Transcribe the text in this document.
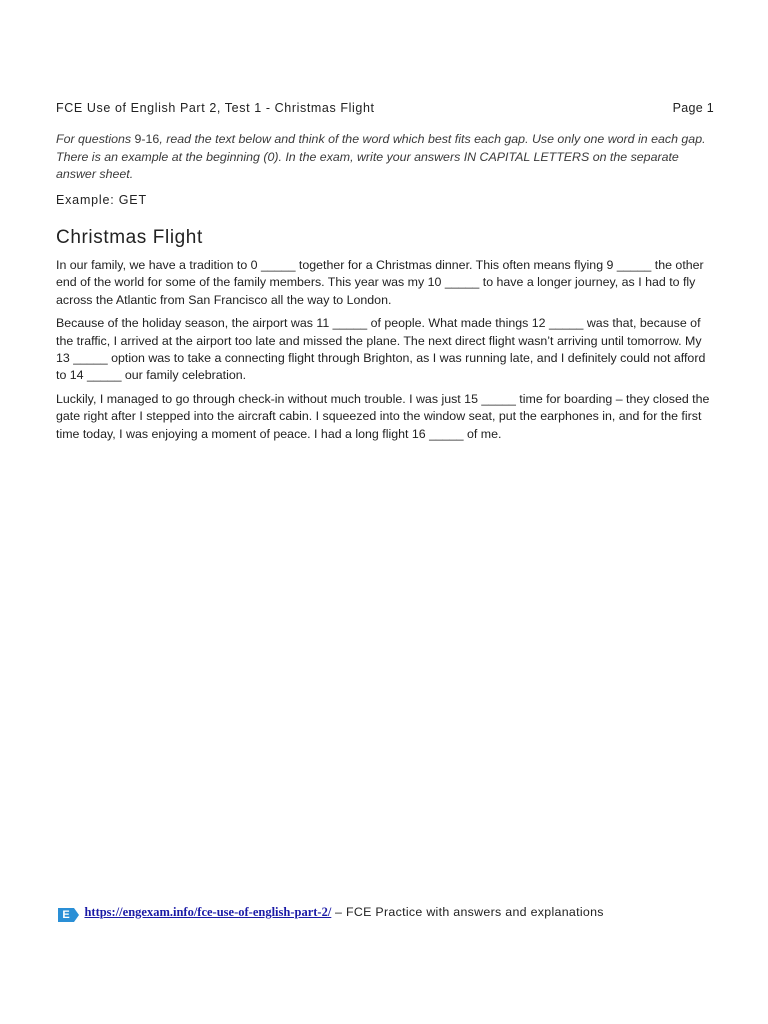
FCE Use of English Part 2, Test 1 - Christmas Flight	Page 1
For questions 9-16, read the text below and think of the word which best fits each gap. Use only one word in each gap. There is an example at the beginning (0). In the exam, write your answers IN CAPITAL LETTERS on the separate answer sheet.
Example: GET
Christmas Flight

In our family, we have a tradition to 0 _____ together for a Christmas dinner. This often means flying 9 _____ the other end of the world for some of the family members. This year was my 10 _____ to have a longer journey, as I had to fly across the Atlantic from San Francisco all the way to London.

Because of the holiday season, the airport was 11 _____ of people. What made things 12 _____ was that, because of the traffic, I arrived at the airport too late and missed the plane. The next direct flight wasn’t arriving until tomorrow. My 13 _____ option was to take a connecting flight through Brighton, as I was running late, and I definitely could not afford to 14 _____ our family celebration.

Luckily, I managed to go through check-in without much trouble. I was just 15 _____ time for boarding – they closed the gate right after I stepped into the aircraft cabin. I squeezed into the window seat, put the earphones in, and for the first time today, I was enjoying a moment of peace. I had a long flight 16 _____ of me.

E https://engexam.info/fce-use-of-english-part-2/ – FCE Practice with answers and explanations
